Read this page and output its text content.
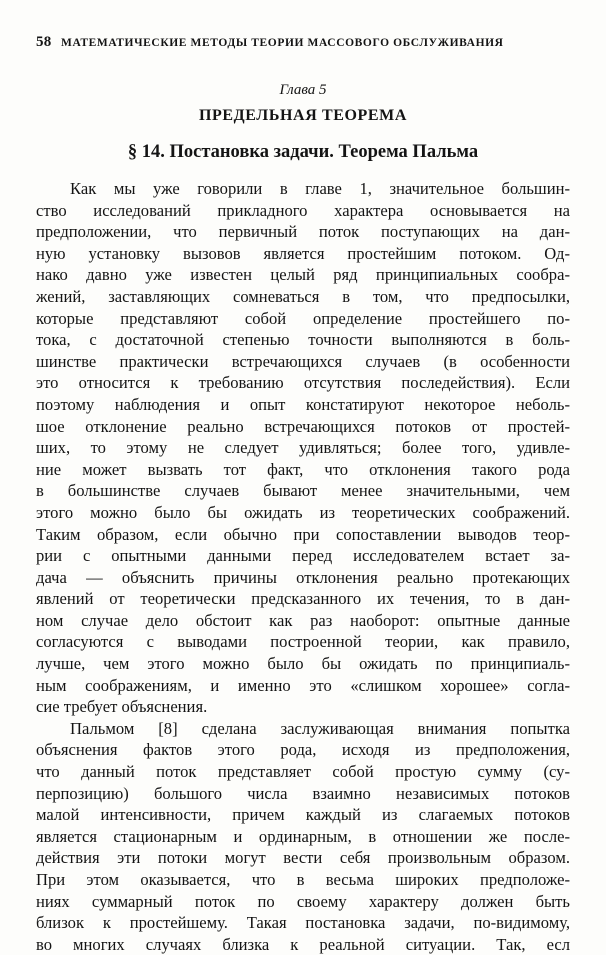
58 МАТЕМАТИЧЕСКИЕ МЕТОДЫ ТЕОРИИ МАССОВОГО ОБСЛУЖИВАНИЯ
Глава 5
ПРЕДЕЛЬНАЯ ТЕОРЕМА
§ 14. Постановка задачи. Теорема Пальма
Как мы уже говорили в главе 1, значительное большин-
ство исследований прикладного характера основывается на
предположении, что первичный поток поступающих на дан-
ную установку вызовов является простейшим потоком. Од-
нако давно уже известен целый ряд принципиальных сообра-
жений, заставляющих сомневаться в том, что предпосылки,
которые представляют собой определение простейшего по-
тока, с достаточной степенью точности выполняются в боль-
шинстве практически встречающихся случаев (в особенности
это относится к требованию отсутствия последействия). Если
поэтому наблюдения и опыт констатируют некоторое неболь-
шое отклонение реально встречающихся потоков от простей-
ших, то этому не следует удивляться; более того, удивле-
ние может вызвать тот факт, что отклонения такого рода
в большинстве случаев бывают менее значительными, чем
этого можно было бы ожидать из теоретических соображений.
Таким образом, если обычно при сопоставлении выводов теор-
рии с опытными данными перед исследователем встает за-
дача — объяснить причины отклонения реально протекающих
явлений от теоретически предсказанного их течения, то в дан-
ном случае дело обстоит как раз наоборот: опытные данные
согласуются с выводами построенной теории, как правило,
лучше, чем этого можно было бы ожидать по принципиаль-
ным соображениям, и именно это «слишком хорошее» согла-
сие требует объяснения.
Пальмом [8] сделана заслуживающая внимания попытка
объяснения фактов этого рода, исходя из предположения,
что данный поток представляет собой простую сумму (су-
перпозицию) большого числа взаимно независимых потоков
малой интенсивности, причем каждый из слагаемых потоков
является стационарным и ординарным, в отношении же после-
действия эти потоки могут вести себя произвольным образом.
При этом оказывается, что в весьма широких предположе-
ниях суммарный поток по своему характеру должен быть
близок к простейшему. Такая постановка задачи, по-видимому,
во многих случаях близка к реальной ситуации. Так, есл
